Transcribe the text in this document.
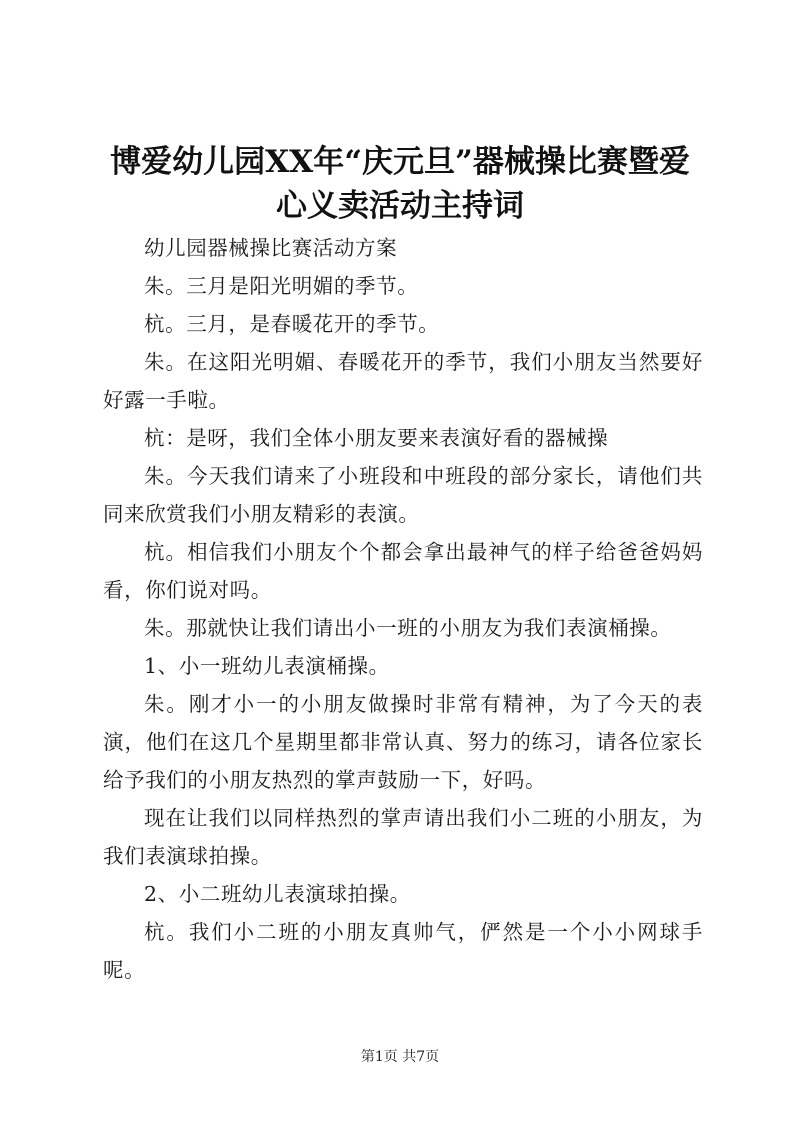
博爱幼儿园XX年“庆元旦”器械操比赛暨爱心义卖活动主持词

幼儿园器械操比赛活动方案

朱。三月是阳光明媚的季节。

杭。三月，是春暖花开的季节。

朱。在这阳光明媚、春暖花开的季节，我们小朋友当然要好好露一手啦。

杭：是呀，我们全体小朋友要来表演好看的器械操

朱。今天我们请来了小班段和中班段的部分家长，请他们共同来欣赏我们小朋友精彩的表演。

杭。相信我们小朋友个个都会拿出最神气的样子给爸爸妈妈看，你们说对吗。

朱。那就快让我们请出小一班的小朋友为我们表演桶操。

1、小一班幼儿表演桶操。

朱。刚才小一的小朋友做操时非常有精神，为了今天的表演，他们在这几个星期里都非常认真、努力的练习，请各位家长给予我们的小朋友热烈的掌声鼓励一下，好吗。

现在让我们以同样热烈的掌声请出我们小二班的小朋友，为我们表演球拍操。

2、小二班幼儿表演球拍操。

杭。我们小二班的小朋友真帅气，俨然是一个小小网球手呢。

第1页 共7页
